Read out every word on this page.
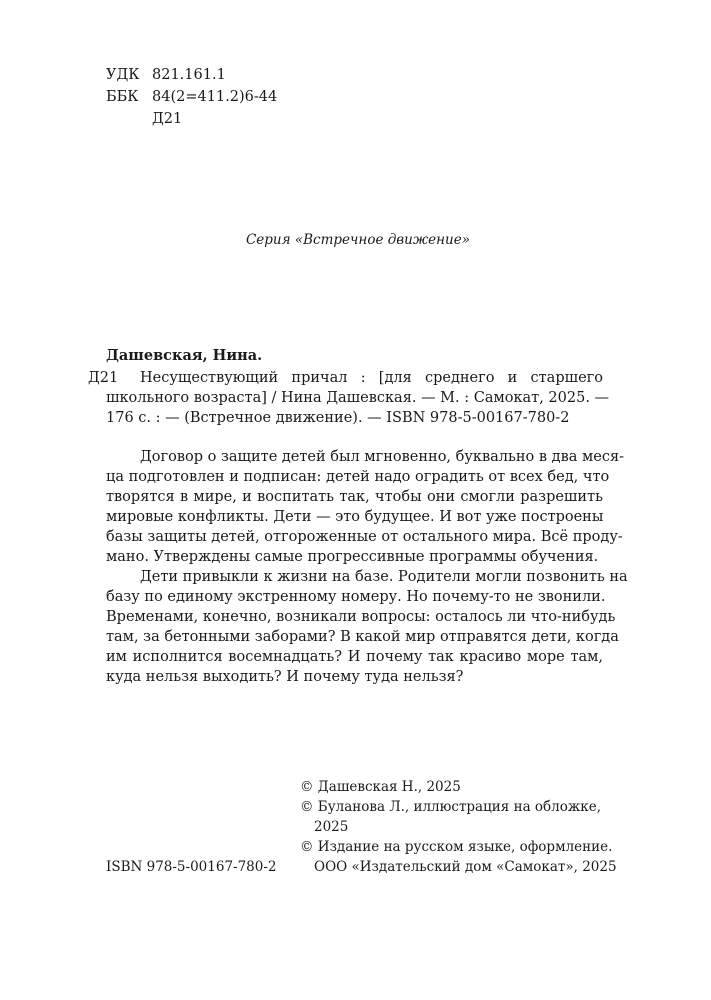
УДК 821.161.1
ББК 84(2=411.2)6-44
Д21
Серия «Встречное движение»
Дашевская, Нина.
Д21 Несуществующий причал : [для среднего и старшего
школьного возраста] / Нина Дашевская. — М. : Самокат, 2025. —
176 с. : — (Встречное движение). — ISBN 978-5-00167-780-2
Договор о защите детей был мгновенно, буквально в два меся-
ца подготовлен и подписан: детей надо оградить от всех бед, что
творятся в мире, и воспитать так, чтобы они смогли разрешить
мировые конфликты. Дети — это будущее. И вот уже построены
базы защиты детей, отгороженные от остального мира. Всё проду-
мано. Утверждены самые прогрессивные программы обучения.
Дети привыкли к жизни на базе. Родители могли позвонить на
базу по единому экстренному номеру. Но почему-то не звонили.
Временами, конечно, возникали вопросы: осталось ли что-нибудь
там, за бетонными заборами? В какой мир отправятся дети, когда
им исполнится восемнадцать? И почему так красиво море там,
куда нельзя выходить? И почему туда нельзя?
© Дашевская Н., 2025
© Буланова Л., иллюстрация на обложке,
2025
© Издание на русском языке, оформление.
ООО «Издательский дом «Самокат», 2025
ISBN 978-5-00167-780-2
